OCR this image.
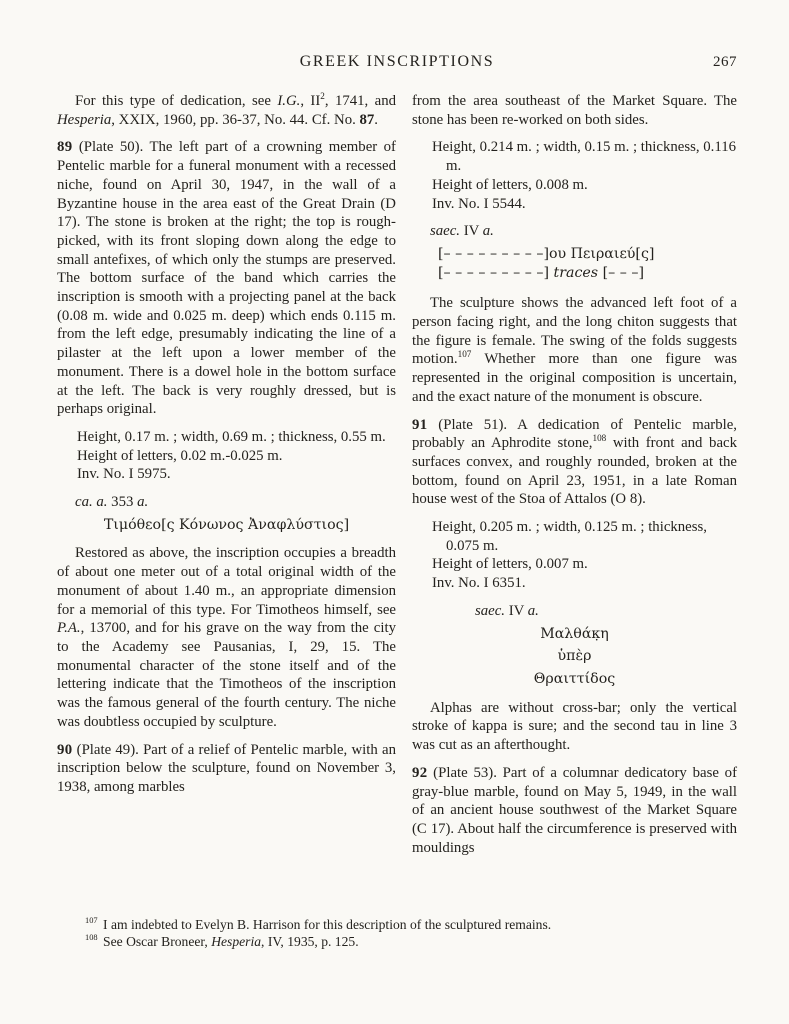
GREEK INSCRIPTIONS	267

For this type of dedication, see I.G., $II^2$, 1741, and Hesperia, XXIX, 1960, pp. 36-37, No. 44. Cf. No. 87.

89 (Plate 50). The left part of a crowning member of Pentelic marble for a funeral monument with a recessed niche, found on April 30, 1947, in the wall of a Byzantine house in the area east of the Great Drain (D 17). The stone is broken at the right; the top is rough-picked, with its front sloping down along the edge to small antefixes, of which only the stumps are preserved. The bottom surface of the band which carries the inscription is smooth with a projecting panel at the back (0.08 m. wide and 0.025 m. deep) which ends 0.115 m. from the left edge, presumably indicating the line of a pilaster at the left upon a lower member of the monument. There is a dowel hole in the bottom surface at the left. The back is very roughly dressed, but is perhaps original.

Height, 0.17 m. ; width, 0.69 m. ; thickness, 0.55 m.

Height of letters, 0.02 m.-0.025 m.

Inv. No. I 5975.

ca. a. 353 a.

Τιμόθεο[ς Κόνωνος Ἀναφλύστιος]

Restored as above, the inscription occupies a breadth of about one meter out of a total original width of the monument of about 1.40 m., an appropriate dimension for a memorial of this type. For Timotheos himself, see P.A., 13700, and for his grave on the way from the city to the Academy see Pausanias, I, 29, 15. The monumental character of the stone itself and of the lettering indicate that the Timotheos of the inscription was the famous general of the fourth century. The niche was doubtless occupied by sculpture.

90 (Plate 49). Part of a relief of Pentelic marble, with an inscription below the sculpture, found on November 3, 1938, among marbles

from the area southeast of the Market Square. The stone has been re-worked on both sides.

Height, 0.214 m. ; width, 0.15 m. ; thickness, 0.116 m.

Height of letters, 0.008 m.

Inv. No. I 5544.

saec. IV a.

[– – – – – – – – –]ου Πειραιεύ[ς]

[– – – – – – – – –] traces [– – –]

The sculpture shows the advanced left foot of a person facing right, and the long chiton suggests that the figure is female. The swing of the folds suggests motion.$^{107}$ Whether more than one figure was represented in the original composition is uncertain, and the exact nature of the monument is obscure.

91 (Plate 51). A dedication of Pentelic marble, probably an Aphrodite stone,$^{108}$ with front and back surfaces convex, and roughly rounded, broken at the bottom, found on April 23, 1951, in a late Roman house west of the Stoa of Attalos (O 8).

Height, 0.205 m. ; width, 0.125 m. ; thickness, 0.075 m.

Height of letters, 0.007 m.

Inv. No. I 6351.

saec. IV a.

Μαλθάκ̣η

ὑπὲρ

Θραιττίδος

Alphas are without cross-bar; only the vertical stroke of kappa is sure; and the second tau in line 3 was cut as an afterthought.

92 (Plate 53). Part of a columnar dedicatory base of gray-blue marble, found on May 5, 1949, in the wall of an ancient house southwest of the Market Square (C 17). About half the circumference is preserved with mouldings

$^{107}$ I am indebted to Evelyn B. Harrison for this description of the sculptured remains.

$^{108}$ See Oscar Broneer, Hesperia, IV, 1935, p. 125.
